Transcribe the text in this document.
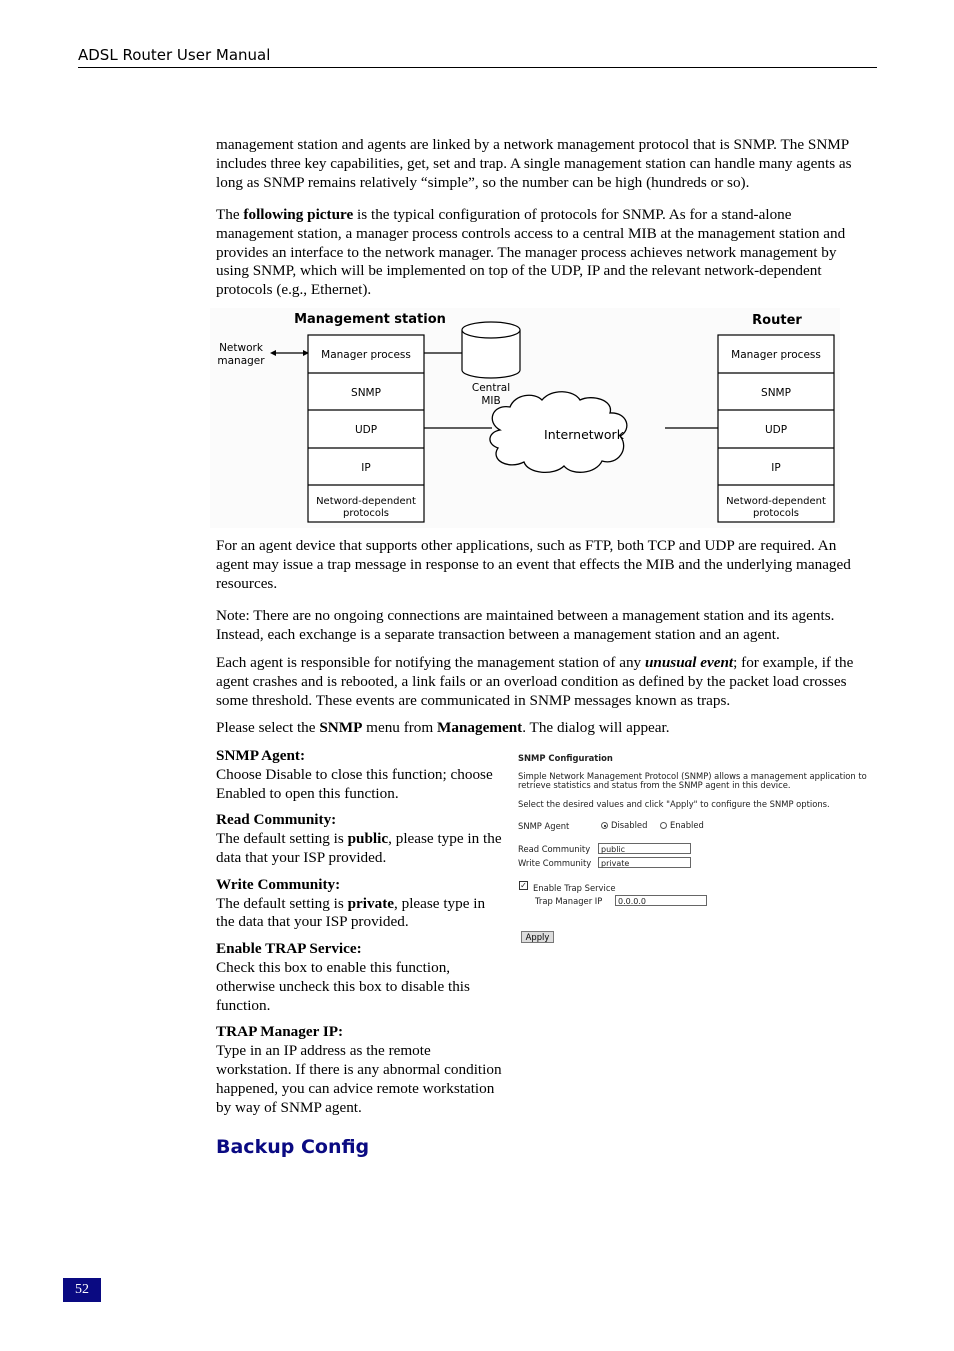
ADSL Router User Manual

management station and agents are linked by a network management protocol that is SNMP. The SNMP includes three key capabilities, get, set and trap. A single management station can handle many agents as long as SNMP remains relatively “simple”, so the number can be high (hundreds or so).

The following picture is the typical configuration of protocols for SNMP. As for a stand-alone management station, a manager process controls access to a central MIB at the management station and provides an interface to the network manager. The manager process achieves network management by using SNMP, which will be implemented on top of the UDP, IP and the relevant network-dependent protocols (e.g., Ethernet).

Management station	Router
Network
manager	Manager process
SNMP
UDP
IP
Netword-dependent
protocols
Manager process
SNMP
UDP
IP
Netword-dependent
protocols
Central
MIB
Internetwork

For an agent device that supports other applications, such as FTP, both TCP and UDP are required. An agent may issue a trap message in response to an event that effects the MIB and the underlying managed resources.

Note: There are no ongoing connections are maintained between a management station and its agents. Instead, each exchange is a separate transaction between a management station and an agent.

Each agent is responsible for notifying the management station of any unusual event; for example, if the agent crashes and is rebooted, a link fails or an overload condition as defined by the packet load crosses some threshold. These events are communicated in SNMP messages known as traps.

Please select the SNMP menu from Management. The dialog will appear.

SNMP Agent:
Choose Disable to close this function; choose Enabled to open this function.
Read Community:
The default setting is public, please type in the data that your ISP provided.
Write Community:
The default setting is private, please type in the data that your ISP provided.
Enable TRAP Service:
Check this box to enable this function, otherwise uncheck this box to disable this function.
TRAP Manager IP:
Type in an IP address as the remote workstation. If there is any abnormal condition happened, you can advice remote workstation by way of SNMP agent.
SNMP Configuration
Simple Network Management Protocol (SNMP) allows a management application to
retrieve statistics and status from the SNMP agent in this device.
Select the desired values and click "Apply" to configure the SNMP options.
SNMP Agent	Disabled	Enabled
Read Community	public
Write Community	private
✓ Enable Trap Service
Trap Manager IP	0.0.0.0
Apply
Backup Config
52
